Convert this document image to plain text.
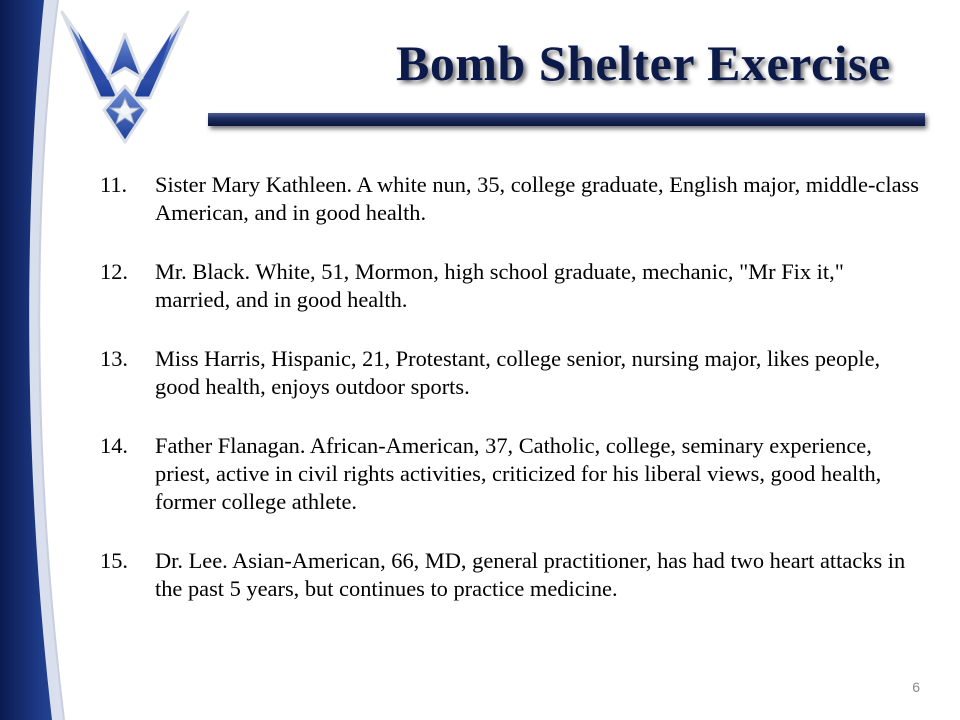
Bomb Shelter Exercise
11.	Sister Mary Kathleen. A white nun, 35, college graduate, English major, middle-class American, and in good health.
12.	Mr. Black. White, 51, Mormon, high school graduate, mechanic, "Mr Fix it," married, and in good health.
13.	Miss Harris, Hispanic, 21, Protestant, college senior, nursing major, likes people, good health, enjoys outdoor sports.
14.	Father Flanagan. African-American, 37, Catholic, college, seminary experience, priest, active in civil rights activities, criticized for his liberal views, good health, former college athlete.
15.	Dr. Lee. Asian-American, 66, MD, general practitioner, has had two heart attacks in the past 5 years, but continues to practice medicine.
6
